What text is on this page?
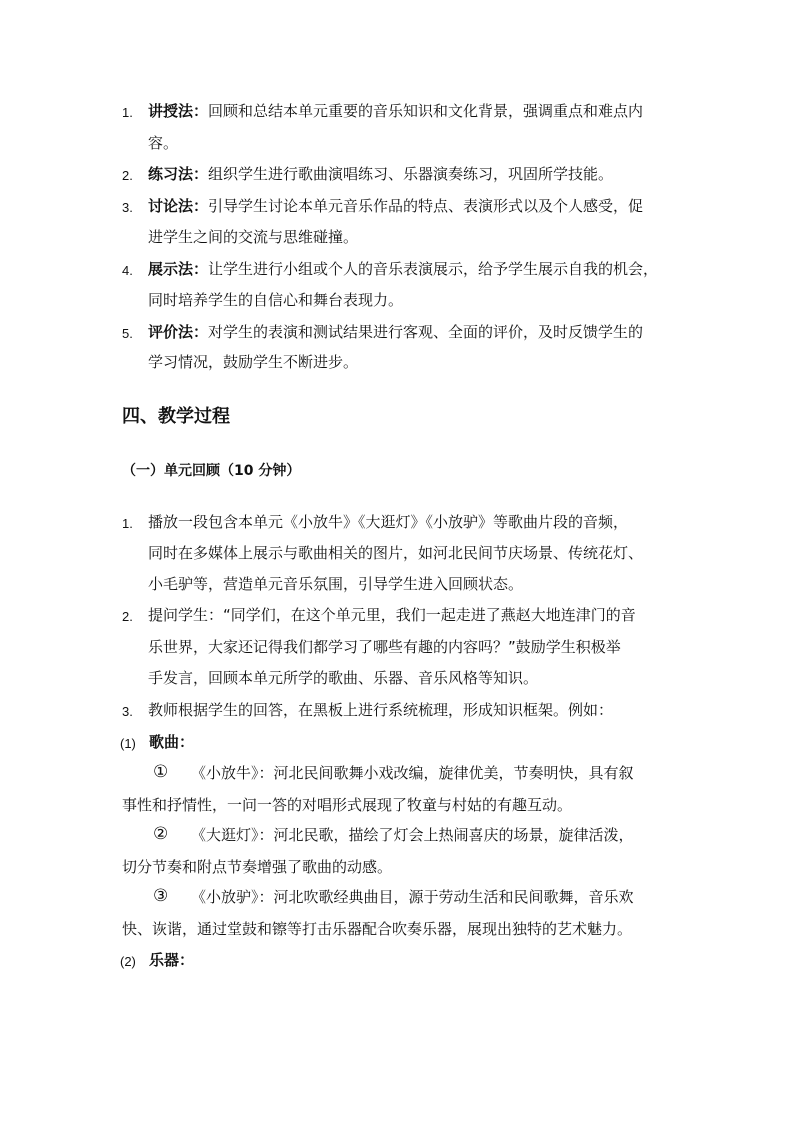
1. 讲授法：回顾和总结本单元重要的音乐知识和文化背景，强调重点和难点内
容。
2. 练习法：组织学生进行歌曲演唱练习、乐器演奏练习，巩固所学技能。
3. 讨论法：引导学生讨论本单元音乐作品的特点、表演形式以及个人感受，促
进学生之间的交流与思维碰撞。
4. 展示法：让学生进行小组或个人的音乐表演展示，给予学生展示自我的机会，
同时培养学生的自信心和舞台表现力。
5. 评价法：对学生的表演和测试结果进行客观、全面的评价，及时反馈学生的
学习情况，鼓励学生不断进步。
四、教学过程
（一）单元回顾（10 分钟）
1. 播放一段包含本单元《小放牛》《大逛灯》《小放驴》等歌曲片段的音频，
同时在多媒体上展示与歌曲相关的图片，如河北民间节庆场景、传统花灯、
小毛驴等，营造单元音乐氛围，引导学生进入回顾状态。
2. 提问学生：“同学们，在这个单元里，我们一起走进了燕赵大地连津门的音
乐世界，大家还记得我们都学习了哪些有趣的内容吗？”鼓励学生积极举
手发言，回顾本单元所学的歌曲、乐器、音乐风格等知识。
3. 教师根据学生的回答，在黑板上进行系统梳理，形成知识框架。例如：
(1) 歌曲：
① 《小放牛》：河北民间歌舞小戏改编，旋律优美，节奏明快，具有叙
事性和抒情性，一问一答的对唱形式展现了牧童与村姑的有趣互动。
② 《大逛灯》：河北民歌，描绘了灯会上热闹喜庆的场景，旋律活泼，
切分节奏和附点节奏增强了歌曲的动感。
③ 《小放驴》：河北吹歌经典曲目，源于劳动生活和民间歌舞，音乐欢
快、诙谐，通过堂鼓和镲等打击乐器配合吹奏乐器，展现出独特的艺术魅力。
(2) 乐器：
